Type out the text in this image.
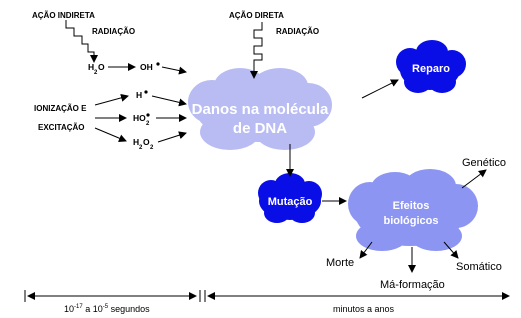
Danos na molécula
de DNA
Reparo
Mutação	Efeitos
biológicos
AÇÃO INDIRETA
RADIAÇÃO
H
2
O	OH
AÇÃO DIRETA
RADIAÇÃO
IONIZAÇÃO E
EXCITAÇÃO
H
HO
2
H
2
O
2
Genético
Morte	Somático
Má-formação
$10^{-17}$ $_{a 10}^{-5}$ $_{segundos}$	minutos a anos
